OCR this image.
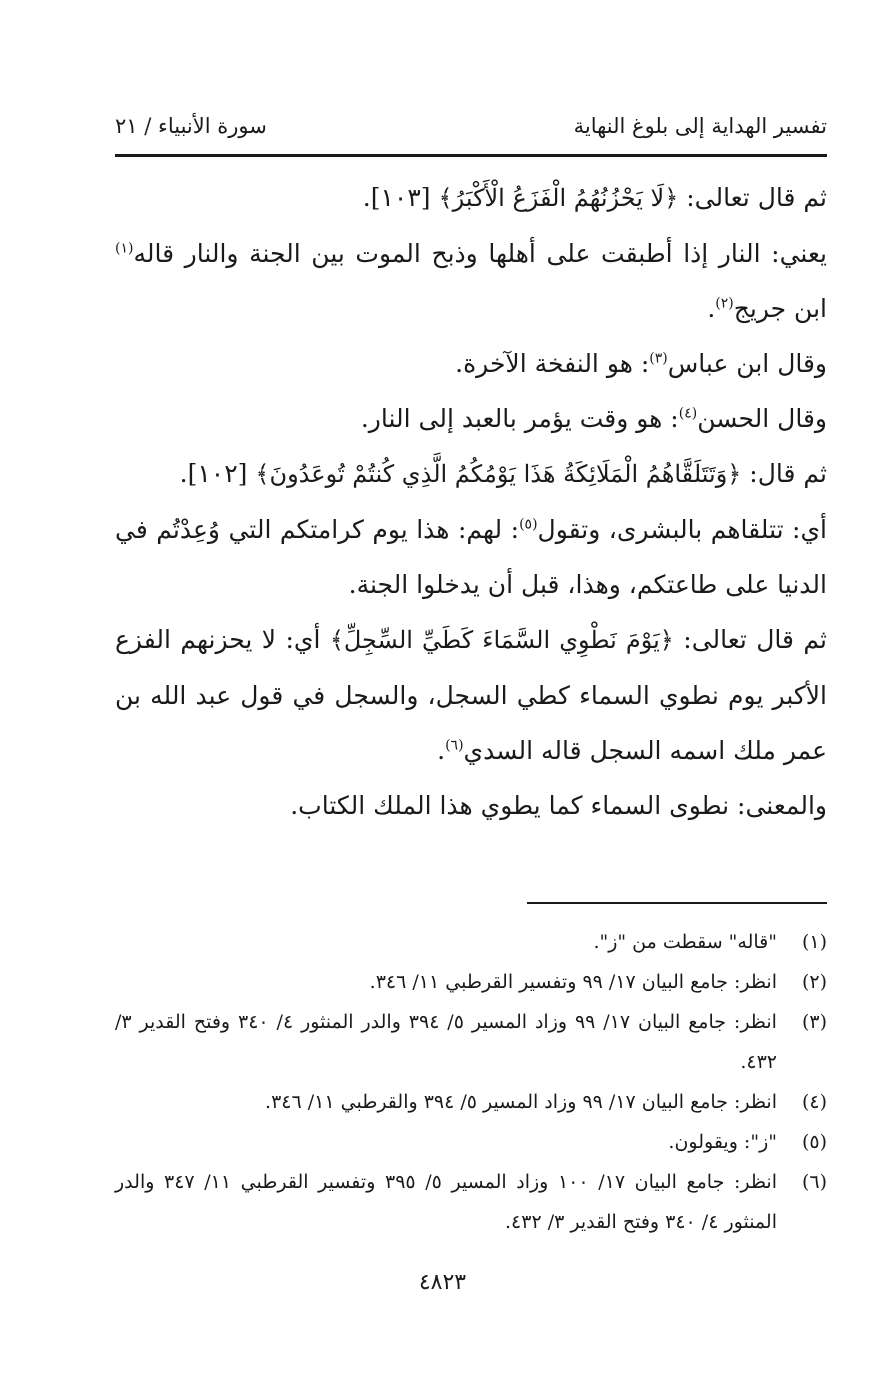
تفسير الهداية إلى بلوغ النهاية
سورة الأنبياء / ٢١

ثم قال تعالى: ﴿لَا يَحْزُنُهُمُ الْفَزَعُ الْأَكْبَرُ﴾ [١٠٣].

يعني: النار إذا أطبقت على أهلها وذبح الموت بين الجنة والنار قاله$^{(١)}$ ابن جريج$^{(٢)}$.

وقال ابن عباس$^{(٣)}$: هو النفخة الآخرة.

وقال الحسن$^{(٤)}$: هو وقت يؤمر بالعبد إلى النار.

ثم قال: ﴿وَتَتَلَقَّاهُمُ الْمَلَائِكَةُ هَذَا يَوْمُكُمُ الَّذِي كُنتُمْ تُوعَدُونَ﴾ [١٠٢].

أي: تتلقاهم بالبشرى، وتقول$^{(٥)}$: لهم: هذا يوم كرامتكم التي وُعِدْتُم في الدنيا على طاعتكم، وهذا، قبل أن يدخلوا الجنة.

ثم قال تعالى: ﴿يَوْمَ نَطْوِي السَّمَاءَ كَطَيِّ السِّجِلِّ﴾ أي: لا يحزنهم الفزع الأكبر يوم نطوي السماء كطي السجل، والسجل في قول عبد الله بن عمر ملك اسمه السجل قاله السدي$^{(٦)}$.

والمعنى: نطوى السماء كما يطوي هذا الملك الكتاب.

(١)
"قاله" سقطت من "ز".
(٢)
انظر: جامع البيان ١٧/ ٩٩ وتفسير القرطبي ١١/ ٣٤٦.
(٣)
انظر: جامع البيان ١٧/ ٩٩ وزاد المسير ٥/ ٣٩٤ والدر المنثور ٤/ ٣٤٠ وفتح القدير ٣/ ٤٣٢.
(٤)
انظر: جامع البيان ١٧/ ٩٩ وزاد المسير ٥/ ٣٩٤ والقرطبي ١١/ ٣٤٦.
(٥)
"ز": ويقولون.
(٦)
انظر: جامع البيان ١٧/ ١٠٠ وزاد المسير ٥/ ٣٩٥ وتفسير القرطبي ١١/ ٣٤٧ والدر المنثور ٤/ ٣٤٠ وفتح القدير ٣/ ٤٣٢.
٤٨٢٣
